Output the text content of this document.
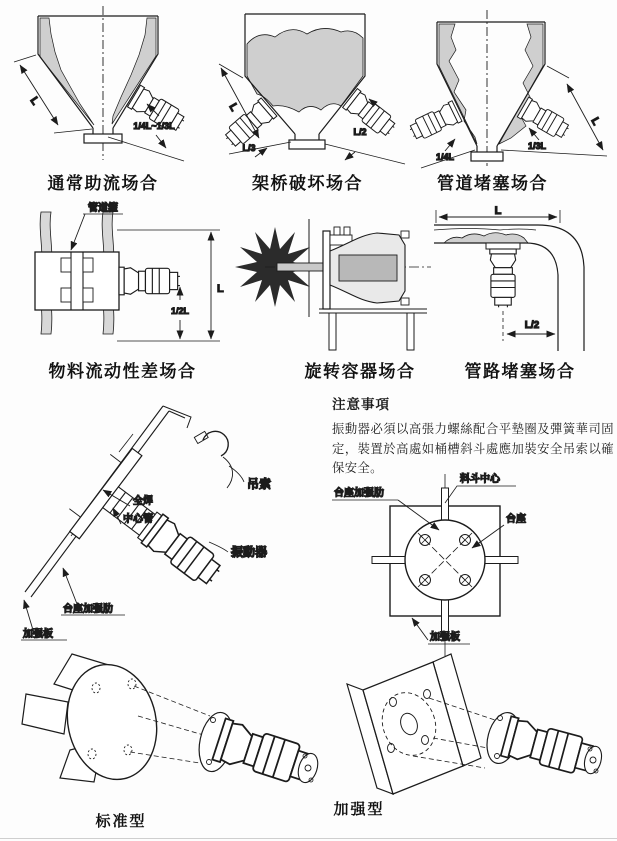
L
1/4L~1/3L
通常助流场合
L
L/3
L/2
架桥破坏场合
L
1/4L
1/3L
管道堵塞场合
管道箍
L
1/2L
物料流动性差场合	旋转容器场合
L
L/2
管路堵塞场合
注意事項

振動器必須以高張力螺絲配合平墊圈及彈簧華司固定，裝置於高處如桶槽斜斗處應加裝安全吊索以確保安全。

吊索
全焊
中心管
振動器
台座加强肋
加强板
料斗中心
台座加强肋
台座
加强板
标准型
加强型
